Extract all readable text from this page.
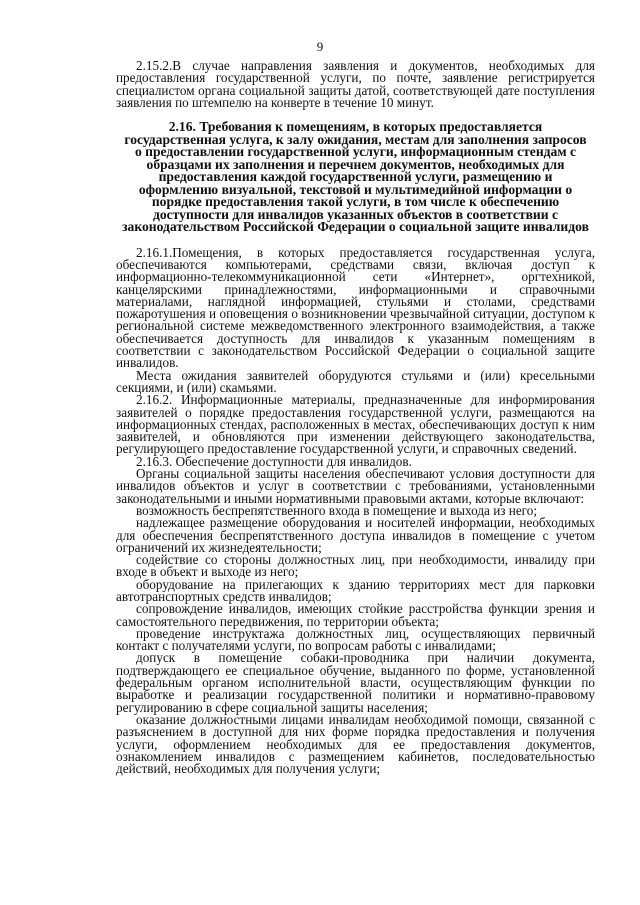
9

2.15.2.В случае направления заявления и документов, необходимых для предоставления государственной услуги, по почте, заявление регистрируется специалистом органа социальной защиты датой, соответствующей дате поступления заявления по штемпелю на конверте в течение 10 минут.

2.16. Требования к помещениям, в которых предоставляется государственная услуга, к залу ожидания, местам для заполнения запросов о предоставлении государственной услуги, информационным стендам с образцами их заполнения и перечнем документов, необходимых для предоставления каждой государственной услуги, размещению и оформлению визуальной, текстовой и мультимедийной информации о порядке предоставления такой услуги, в том числе к обеспечению доступности для инвалидов указанных объектов в соответствии с законодательством Российской Федерации о социальной защите инвалидов

2.16.1.Помещения, в которых предоставляется государственная услуга, обеспечиваются компьютерами, средствами связи, включая доступ к информационно-телекоммуникационной сети «Интернет», оргтехникой, канцелярскими принадлежностями, информационными и справочными материалами, наглядной информацией, стульями и столами, средствами пожаротушения и оповещения о возникновении чрезвычайной ситуации, доступом к региональной системе межведомственного электронного взаимодействия, а также обеспечивается доступность для инвалидов к указанным помещениям в соответствии с законодательством Российской Федерации о социальной защите инвалидов.

Места ожидания заявителей оборудуются стульями и (или) кресельными секциями, и (или) скамьями.

2.16.2. Информационные материалы, предназначенные для информирования заявителей о порядке предоставления государственной услуги, размещаются на информационных стендах, расположенных в местах, обеспечивающих доступ к ним заявителей, и обновляются при изменении действующего законодательства, регулирующего предоставление государственной услуги, и справочных сведений.

2.16.3. Обеспечение доступности для инвалидов.

Органы социальной защиты населения обеспечивают условия доступности для инвалидов объектов и услуг в соответствии с требованиями, установленными законодательными и иными нормативными правовыми актами, которые включают:

возможность беспрепятственного входа в помещение и выхода из него;

надлежащее размещение оборудования и носителей информации, необходимых для обеспечения беспрепятственного доступа инвалидов в помещение с учетом ограничений их жизнедеятельности;

содействие со стороны должностных лиц, при необходимости, инвалиду при входе в объект и выходе из него;

оборудование на прилегающих к зданию территориях мест для парковки автотранспортных средств инвалидов;

сопровождение инвалидов, имеющих стойкие расстройства функции зрения и самостоятельного передвижения, по территории объекта;

проведение инструктажа должностных лиц, осуществляющих первичный контакт с получателями услуги, по вопросам работы с инвалидами;

допуск в помещение собаки-проводника при наличии документа, подтверждающего ее специальное обучение, выданного по форме, установленной федеральным органом исполнительной власти, осуществляющим функции по выработке и реализации государственной политики и нормативно-правовому регулированию в сфере социальной защиты населения;

оказание должностными лицами инвалидам необходимой помощи, связанной с разъяснением в доступной для них форме порядка предоставления и получения услуги, оформлением необходимых для ее предоставления документов, ознакомлением инвалидов с размещением кабинетов, последовательностью действий, необходимых для получения услуги;
